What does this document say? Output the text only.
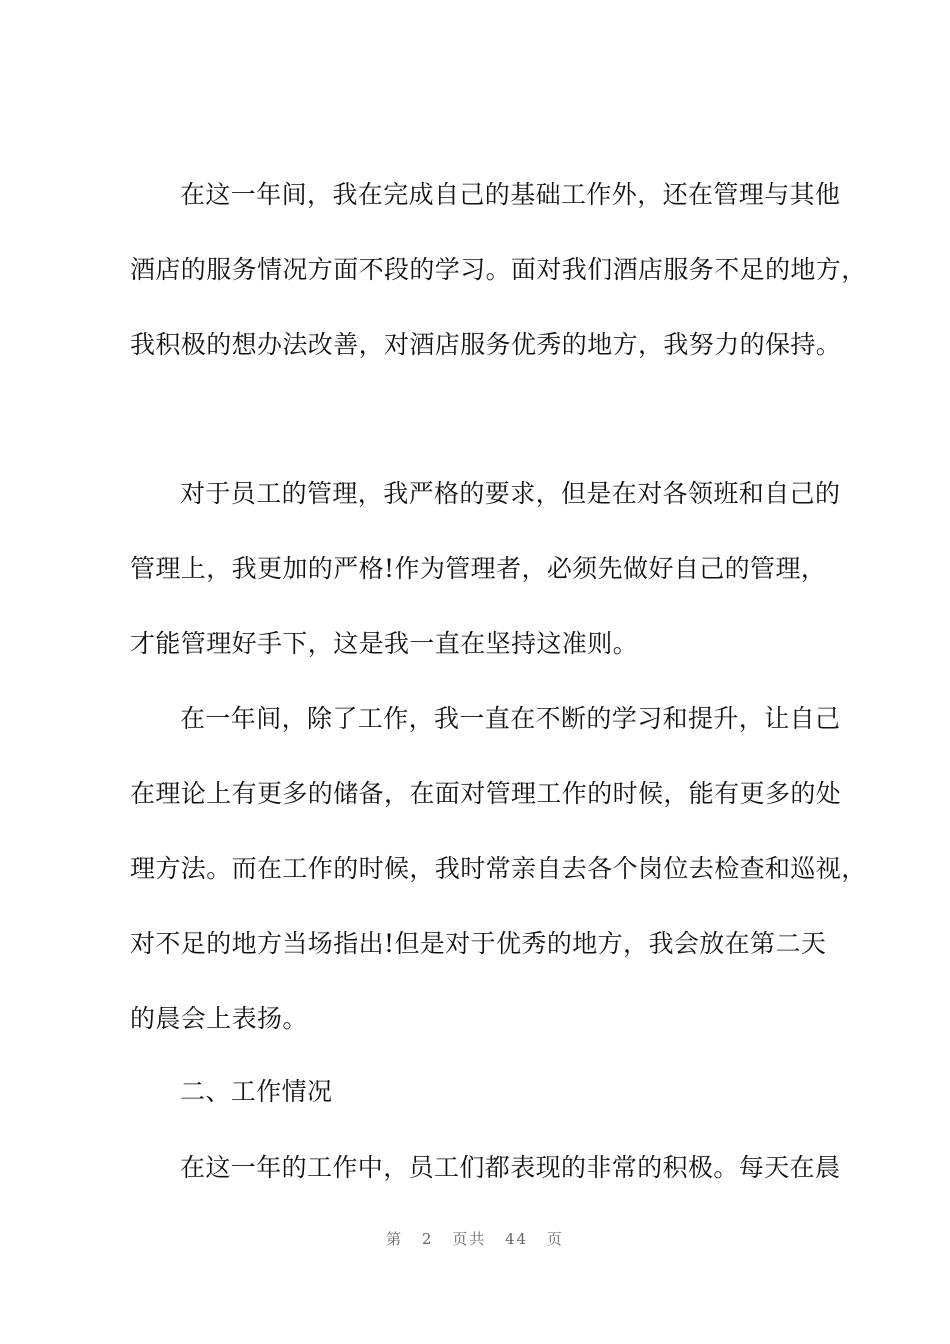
在这一年间，我在完成自己的基础工作外，还在管理与其他
酒店的服务情况方面不段的学习。面对我们酒店服务不足的地方，
我积极的想办法改善，对酒店服务优秀的地方，我努力的保持。
对于员工的管理，我严格的要求，但是在对各领班和自己的
管理上，我更加的严格!作为管理者，必须先做好自己的管理，
才能管理好手下，这是我一直在坚持这准则。
在一年间，除了工作，我一直在不断的学习和提升，让自己
在理论上有更多的储备，在面对管理工作的时候，能有更多的处
理方法。而在工作的时候，我时常亲自去各个岗位去检查和巡视，
对不足的地方当场指出!但是对于优秀的地方，我会放在第二天
的晨会上表扬。
二、工作情况
在这一年的工作中，员工们都表现的非常的积极。每天在晨
第 2 页共 44 页
